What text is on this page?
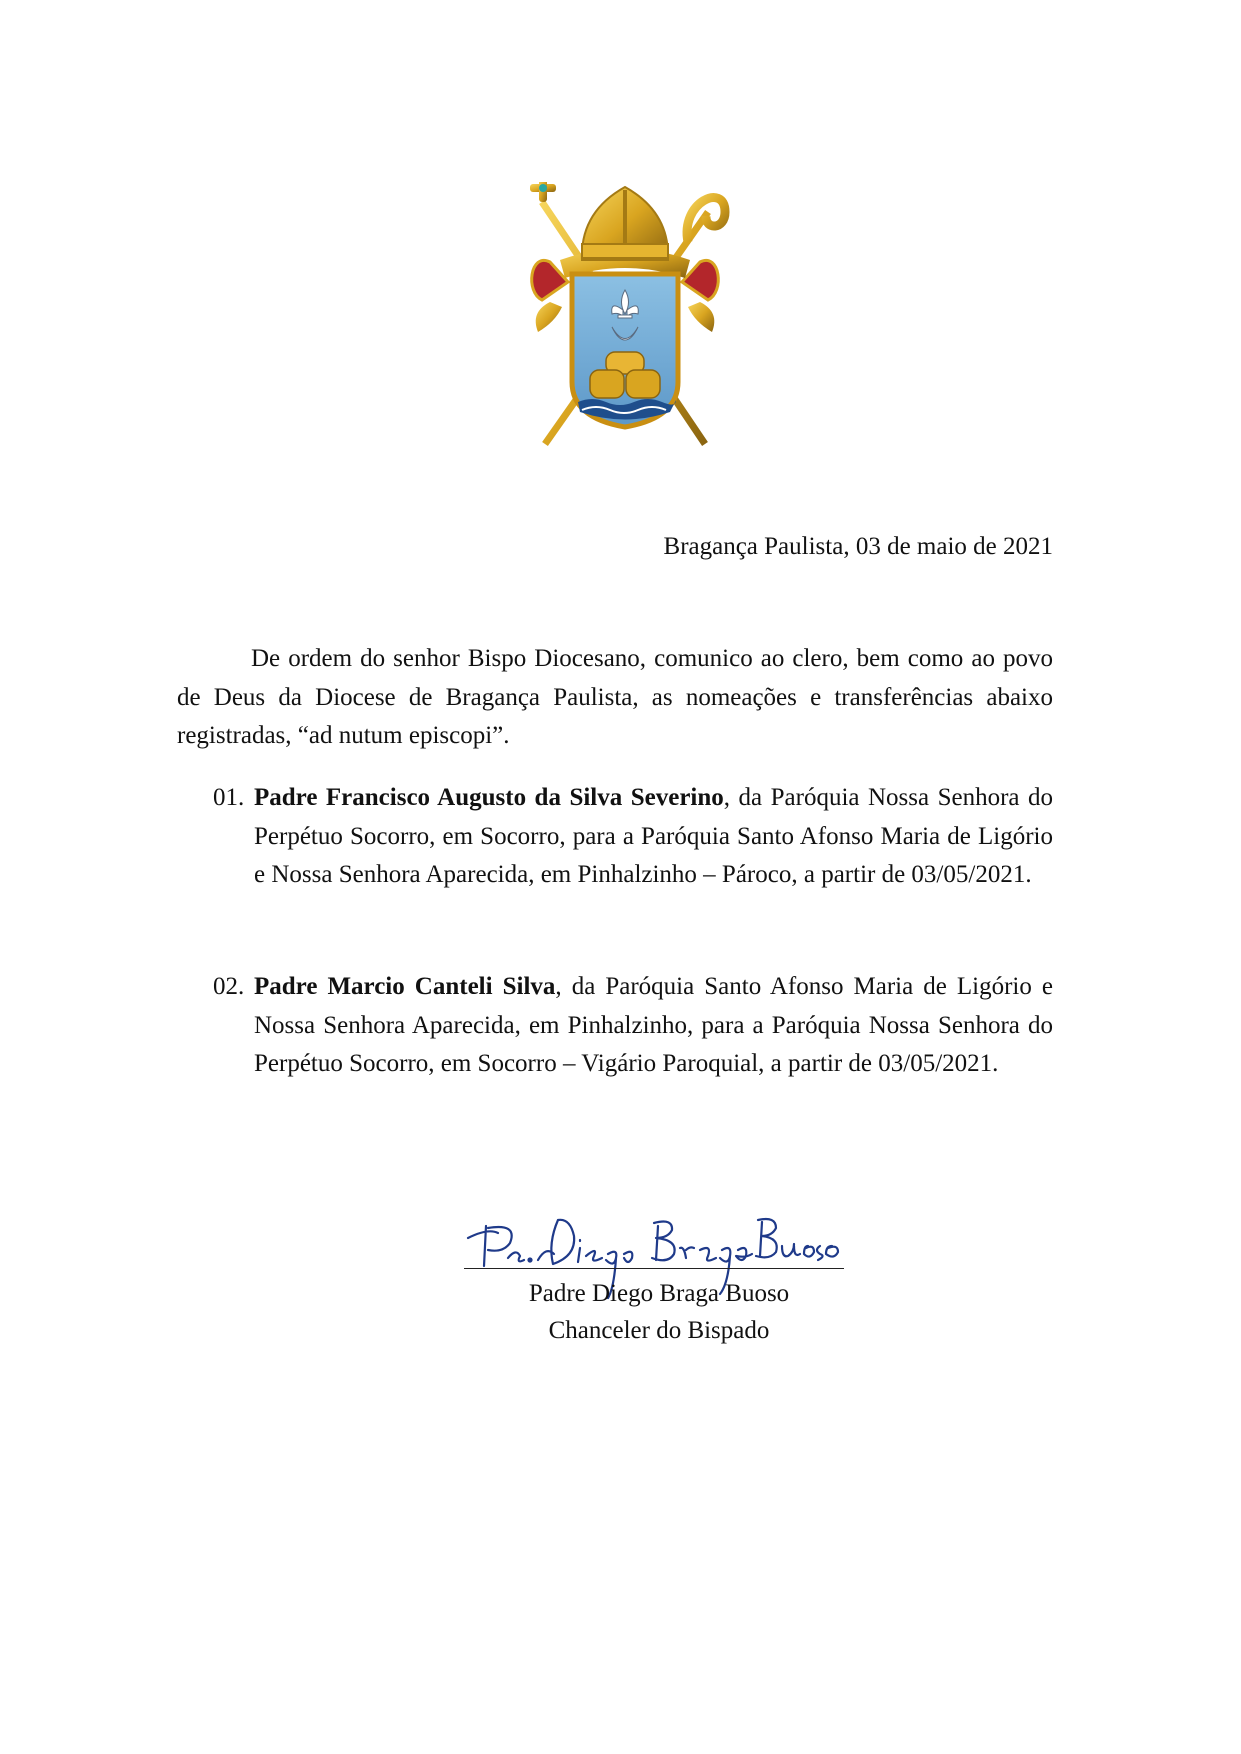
Bragança Paulista, 03 de maio de 2021

De ordem do senhor Bispo Diocesano, comunico ao clero, bem como ao povo de Deus da Diocese de Bragança Paulista, as nomeações e transferências abaixo registradas, “ad nutum episcopi”.

01. Padre Francisco Augusto da Silva Severino, da Paróquia Nossa Senhora do Perpétuo Socorro, em Socorro, para a Paróquia Santo Afonso Maria de Ligório e Nossa Senhora Aparecida, em Pinhalzinho – Pároco, a partir de 03/05/2021.
02. Padre Marcio Canteli Silva, da Paróquia Santo Afonso Maria de Ligório e Nossa Senhora Aparecida, em Pinhalzinho, para a Paróquia Nossa Senhora do Perpétuo Socorro, em Socorro – Vigário Paroquial, a partir de 03/05/2021.
Padre Diego Braga Buoso
Chanceler do Bispado
